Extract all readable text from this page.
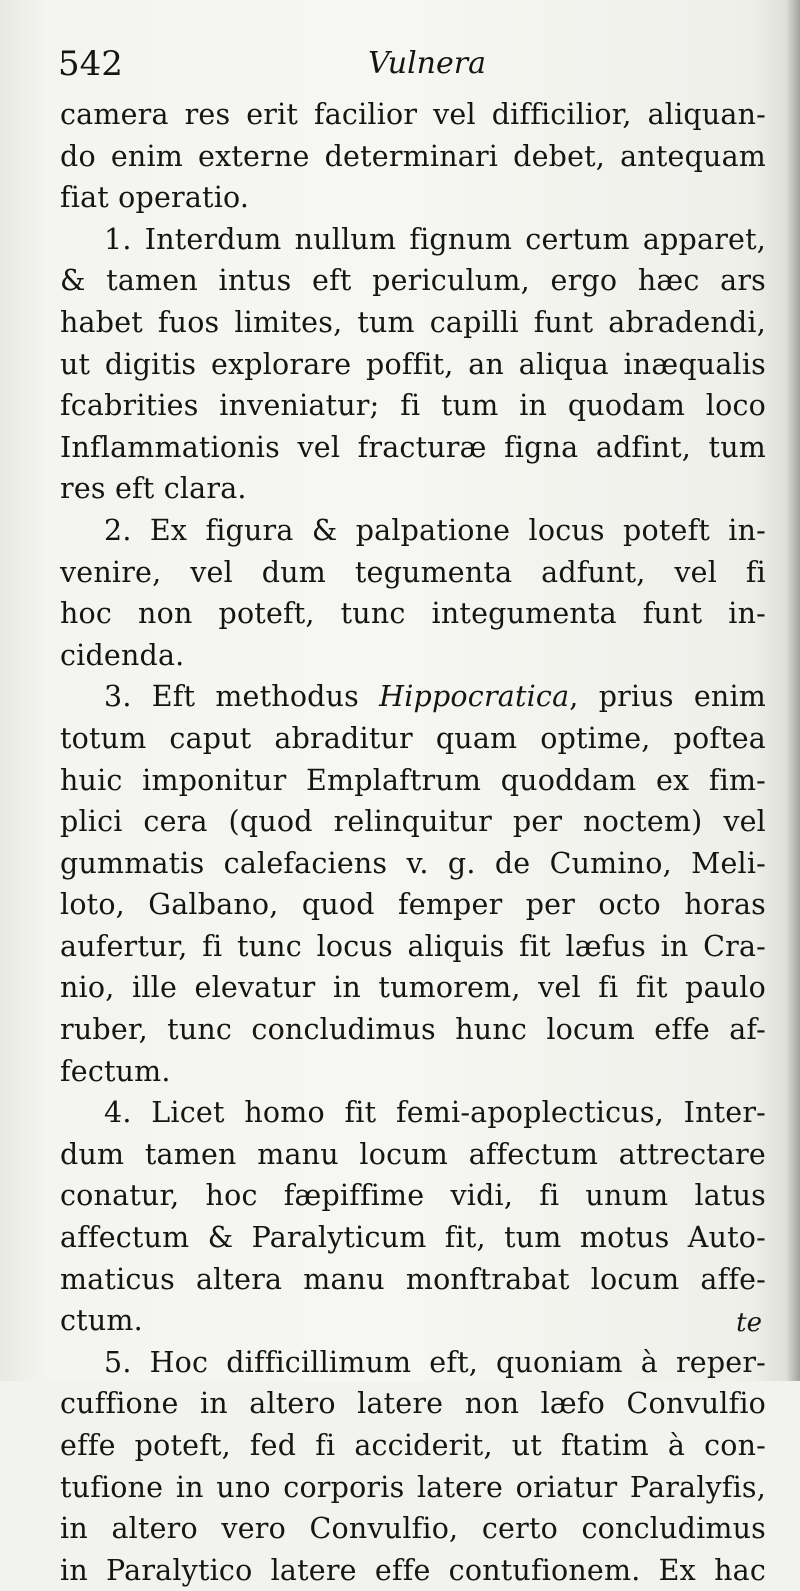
542	Vulnera
camera res erit facilior vel difficilior, aliquan-
do enim externe determinari debet, antequam
fiat operatio.
1. Interdum nullum fignum certum apparet,
& tamen intus eft periculum, ergo hæc ars
habet fuos limites, tum capilli funt abradendi,
ut digitis explorare poffit, an aliqua inæqualis
fcabrities inveniatur; fi tum in quodam loco
Inflammationis vel fracturæ figna adfint, tum
res eft clara.
2. Ex figura & palpatione locus poteft in-
venire, vel dum tegumenta adfunt, vel fi
hoc non poteft, tunc integumenta funt in-
cidenda.
3. Eft methodus Hippocratica, prius enim
totum caput abraditur quam optime, poftea
huic imponitur Emplaftrum quoddam ex fim-
plici cera (quod relinquitur per noctem) vel
gummatis calefaciens v. g. de Cumino, Meli-
loto, Galbano, quod femper per octo horas
aufertur, fi tunc locus aliquis fit læfus in Cra-
nio, ille elevatur in tumorem, vel fi fit paulo
ruber, tunc concludimus hunc locum effe af-
fectum.
4. Licet homo fit femi-apoplecticus, Inter-
dum tamen manu locum affectum attrectare
conatur, hoc fæpiffime vidi, fi unum latus
affectum & Paralyticum fit, tum motus Auto-
maticus altera manu monftrabat locum affe-
ctum.
5. Hoc difficillimum eft, quoniam à reper-
cuffione in altero latere non læfo Convulfio
effe poteft, fed fi acciderit, ut ftatim à con-
tufione in uno corporis latere oriatur Paralyfis,
in altero vero Convulfio, certo concludimus
in Paralytico latere effe contufionem. Ex hac
te
